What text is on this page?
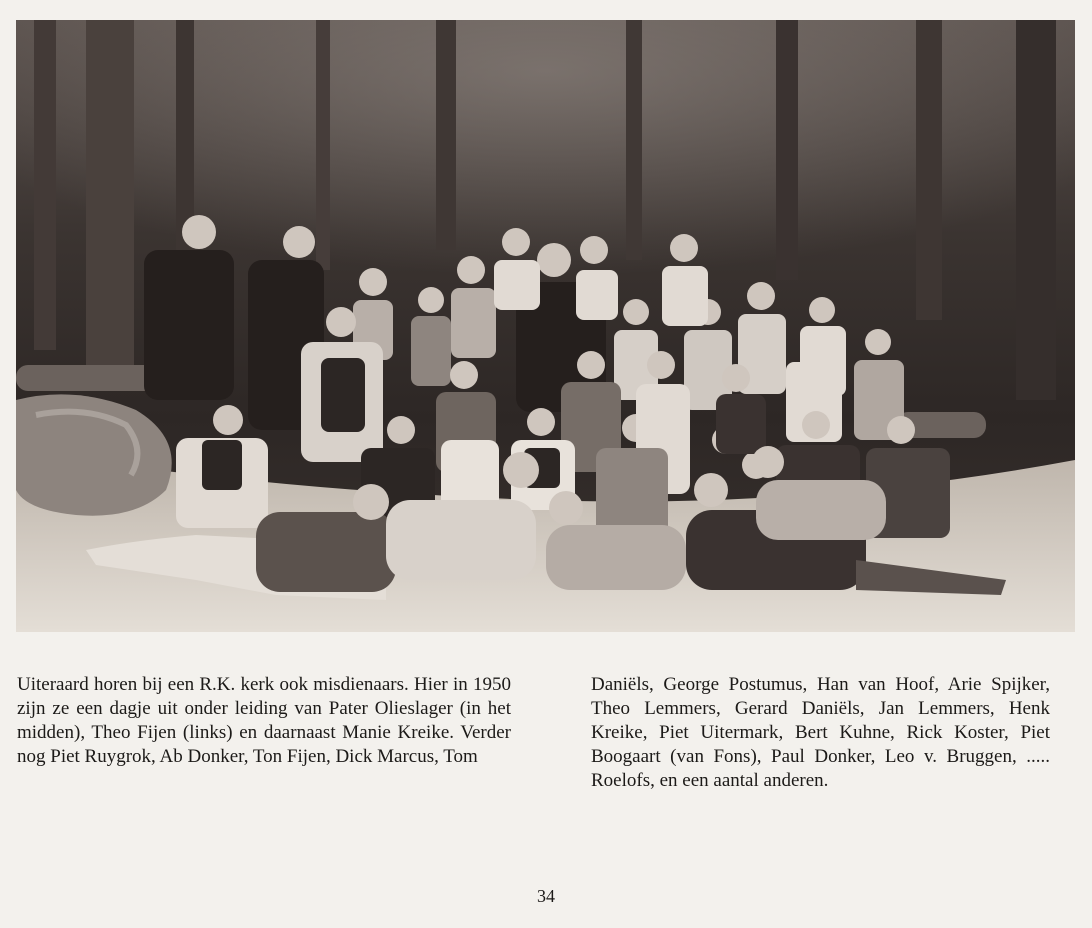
Uiteraard horen bij een R.K. kerk ook misdienaars. Hier in 1950 zijn ze een dagje uit onder leiding van Pater Olieslager (in het midden), Theo Fijen (links) en daarnaast Manie Kreike. Verder nog Piet Ruygrok, Ab Donker, Ton Fijen, Dick Marcus, Tom

Daniëls, George Postumus, Han van Hoof, Arie Spijker, Theo Lemmers, Gerard Daniëls, Jan Lemmers, Henk Kreike, Piet Uitermark, Bert Kuhne, Rick Koster, Piet Boogaart (van Fons), Paul Donker, Leo v. Bruggen, ..... Roelofs, en een aantal anderen.

34
